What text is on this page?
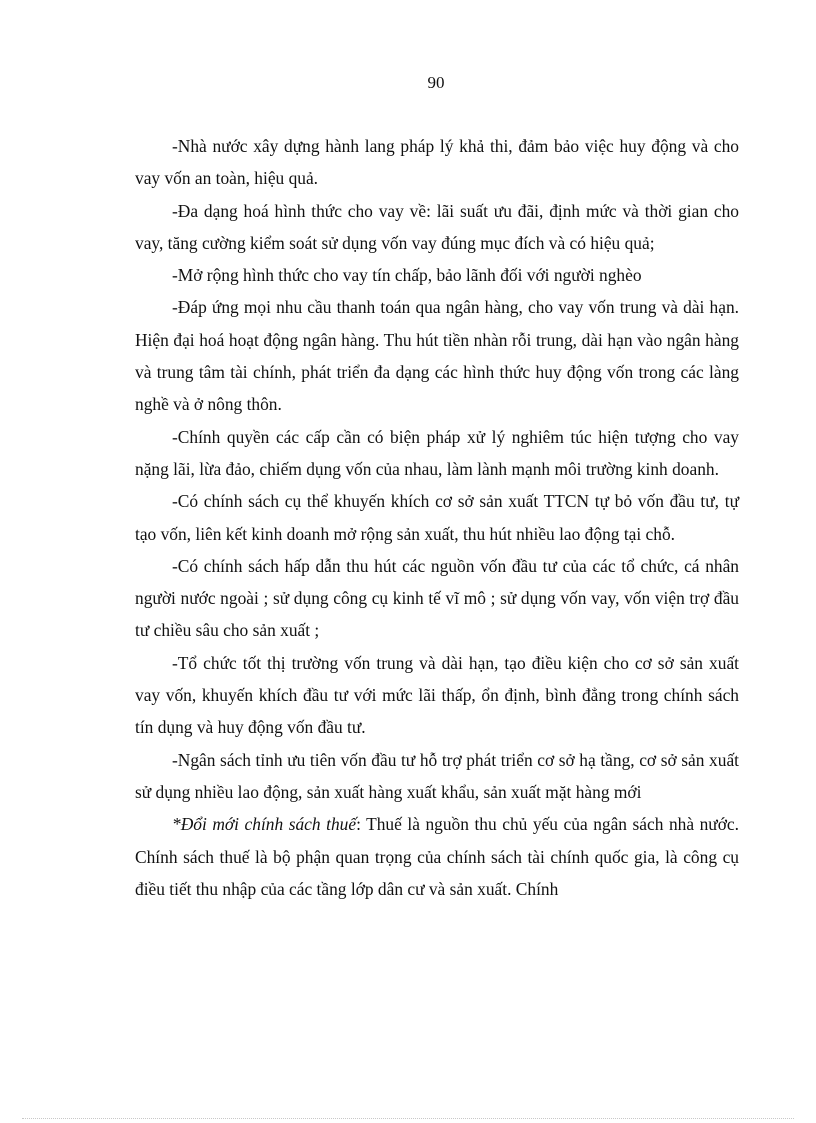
90

-Nhà nước xây dựng hành lang pháp lý khả thi, đảm bảo việc huy động và cho vay vốn an toàn, hiệu quả.

-Đa dạng hoá hình thức cho vay về: lãi suất ưu đãi, định mức và thời gian cho vay, tăng cường kiểm soát sử dụng vốn vay đúng mục đích và có hiệu quả;

-Mở rộng hình thức cho vay tín chấp, bảo lãnh đối với người nghèo

-Đáp ứng mọi nhu cầu thanh toán qua ngân hàng, cho vay vốn trung và dài hạn. Hiện đại hoá hoạt động ngân hàng. Thu hút tiền nhàn rỗi trung, dài hạn vào ngân hàng và trung tâm tài chính, phát triển đa dạng các hình thức huy động vốn trong các làng nghề và ở nông thôn.

-Chính quyền các cấp cần có biện pháp xử lý nghiêm túc hiện tượng cho vay nặng lãi, lừa đảo, chiếm dụng vốn của nhau, làm lành mạnh môi trường kinh doanh.

-Có chính sách cụ thể khuyến khích cơ sở sản xuất TTCN tự bỏ vốn đầu tư, tự tạo vốn, liên kết kinh doanh mở rộng sản xuất, thu hút nhiều lao động tại chỗ.

-Có chính sách hấp dẫn thu hút các nguồn vốn đầu tư của các tổ chức, cá nhân người nước ngoài ; sử dụng công cụ kinh tế vĩ mô ; sử dụng vốn vay, vốn viện trợ đầu tư chiều sâu cho sản xuất ;

-Tổ chức tốt thị trường vốn trung và dài hạn, tạo điều kiện cho cơ sở sản xuất vay vốn, khuyến khích đầu tư với mức lãi thấp, ổn định, bình đẳng trong chính sách tín dụng và huy động vốn đầu tư.

-Ngân sách tỉnh ưu tiên vốn đầu tư hỗ trợ phát triển cơ sở hạ tầng, cơ sở sản xuất sử dụng nhiều lao động, sản xuất hàng xuất khẩu, sản xuất mặt hàng mới

*Đổi mới chính sách thuế: Thuế là nguồn thu chủ yếu của ngân sách nhà nước. Chính sách thuế là bộ phận quan trọng của chính sách tài chính quốc gia, là công cụ điều tiết thu nhập của các tầng lớp dân cư và sản xuất. Chính
